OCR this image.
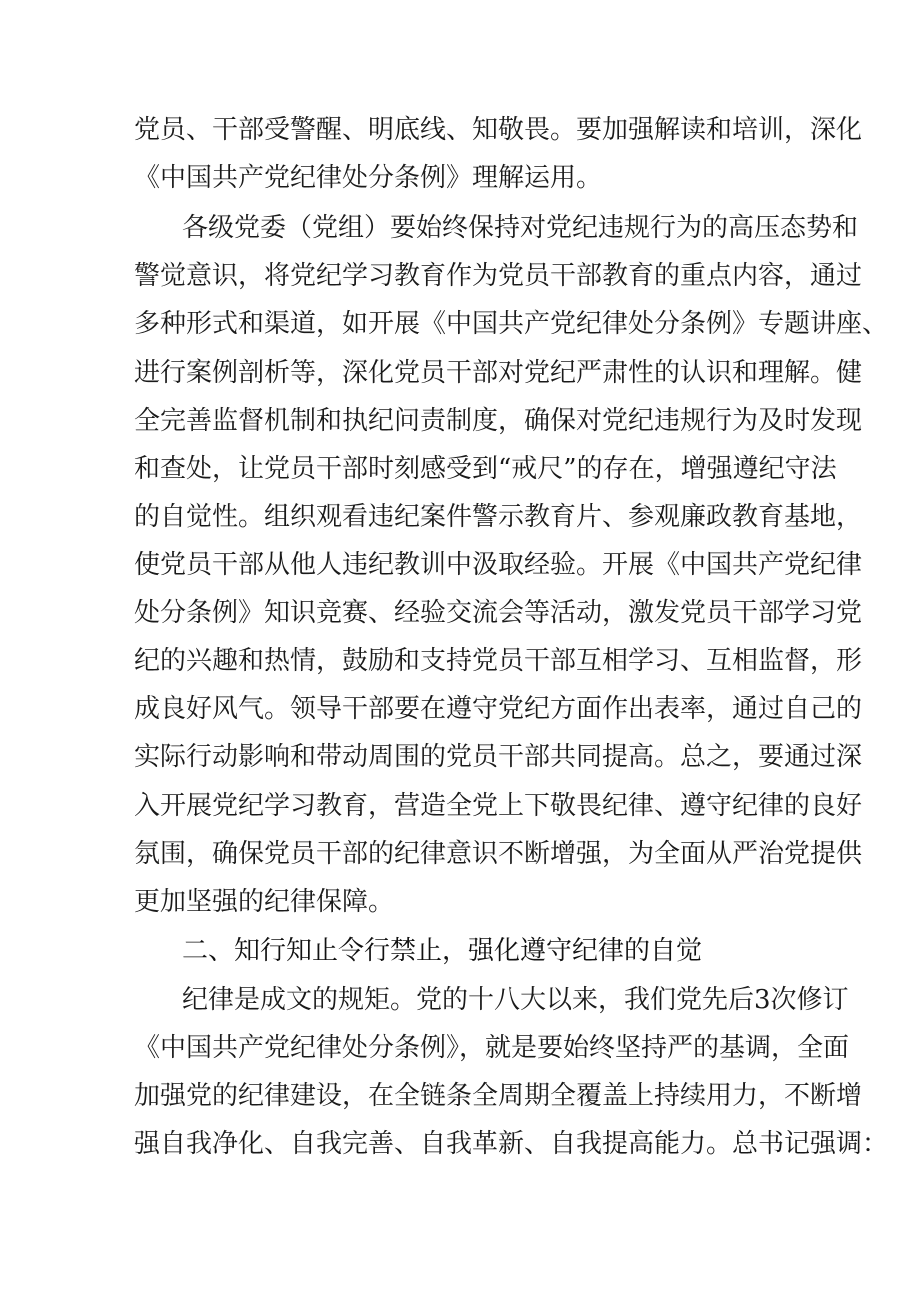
党员、干部受警醒、明底线、知敬畏。要加强解读和培训，深化
《中国共产党纪律处分条例》理解运用。
各级党委（党组）要始终保持对党纪违规行为的高压态势和
警觉意识，将党纪学习教育作为党员干部教育的重点内容，通过
多种形式和渠道，如开展《中国共产党纪律处分条例》专题讲座、
进行案例剖析等，深化党员干部对党纪严肃性的认识和理解。健
全完善监督机制和执纪问责制度，确保对党纪违规行为及时发现
和查处，让党员干部时刻感受到“戒尺”的存在，增强遵纪守法
的自觉性。组织观看违纪案件警示教育片、参观廉政教育基地，
使党员干部从他人违纪教训中汲取经验。开展《中国共产党纪律
处分条例》知识竞赛、经验交流会等活动，激发党员干部学习党
纪的兴趣和热情，鼓励和支持党员干部互相学习、互相监督，形
成良好风气。领导干部要在遵守党纪方面作出表率，通过自己的
实际行动影响和带动周围的党员干部共同提高。总之，要通过深
入开展党纪学习教育，营造全党上下敬畏纪律、遵守纪律的良好
氛围，确保党员干部的纪律意识不断增强，为全面从严治党提供
更加坚强的纪律保障。
二、知行知止令行禁止，强化遵守纪律的自觉
纪律是成文的规矩。党的十八大以来，我们党先后3次修订
《中国共产党纪律处分条例》，就是要始终坚持严的基调，全面
加强党的纪律建设，在全链条全周期全覆盖上持续用力，不断增
强自我净化、自我完善、自我革新、自我提高能力。总书记强调：
